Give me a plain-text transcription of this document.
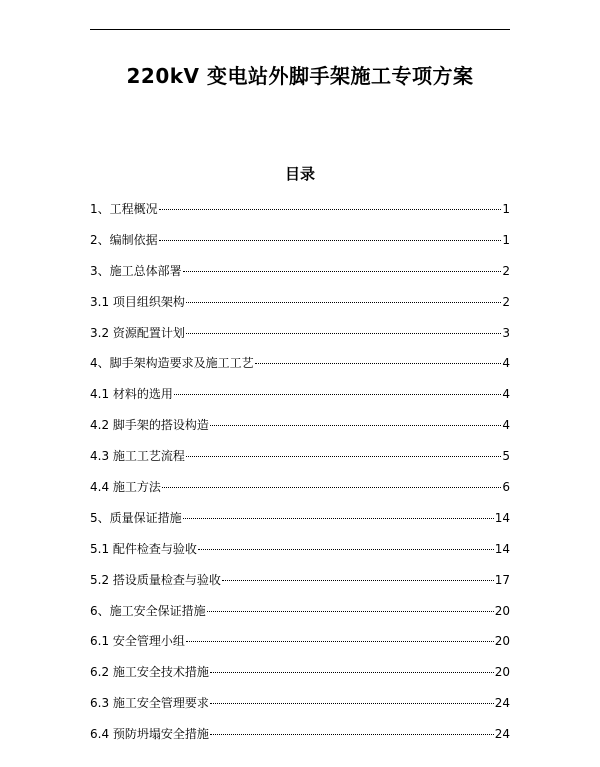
220kV 变电站外脚手架施工专项方案
目录
1、工程概况	1
2、编制依据	1
3、施工总体部署	2
3.1 项目组织架构	2
3.2 资源配置计划	3
4、脚手架构造要求及施工工艺	4
4.1 材料的选用	4
4.2 脚手架的搭设构造	4
4.3 施工工艺流程	5
4.4 施工方法	6
5、质量保证措施	14
5.1 配件检查与验收	14
5.2 搭设质量检查与验收	17
6、施工安全保证措施	20
6.1 安全管理小组	20
6.2 施工安全技术措施	20
6.3 施工安全管理要求	24
6.4 预防坍塌安全措施	24
